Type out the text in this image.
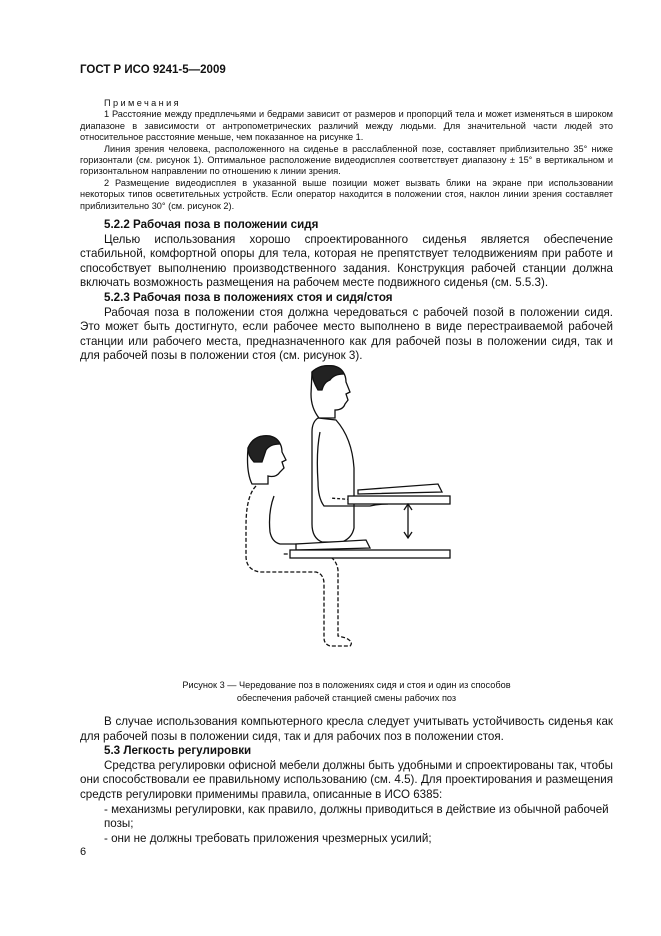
ГОСТ Р ИСО 9241-5—2009

Примечания

1 Расстояние между предплечьями и бедрами зависит от размеров и пропорций тела и может изменяться в широком диапазоне в зависимости от антропометрических различий между людьми. Для значительной части людей это относительное расстояние меньше, чем показанное на рисунке 1.

Линия зрения человека, расположенного на сиденье в расслабленной позе, составляет приблизительно 35° ниже горизонтали (см. рисунок 1). Оптимальное расположение видеодисплея соответствует диапазону ± 15° в вертикальном и горизонтальном направлении по отношению к линии зрения.

2 Размещение видеодисплея в указанной выше позиции может вызвать блики на экране при использовании некоторых типов осветительных устройств. Если оператор находится в положении стоя, наклон линии зрения составляет приблизительно 30° (см. рисунок 2).

5.2.2 Рабочая поза в положении сидя

Целью использования хорошо спроектированного сиденья является обеспечение стабильной, комфортной опоры для тела, которая не препятствует телодвижениям при работе и способствует выполнению производственного задания. Конструкция рабочей станции должна включать возможность размещения на рабочем месте подвижного сиденья (см. 5.5.3).

5.2.3 Рабочая поза в положениях стоя и сидя/стоя

Рабочая поза в положении стоя должна чередоваться с рабочей позой в положении сидя. Это может быть достигнуто, если рабочее место выполнено в виде перестраиваемой рабочей станции или рабочего места, предназначенного как для рабочей позы в положении сидя, так и для рабочей позы в положении стоя (см. рисунок 3).

Рисунок 3 — Чередование поз в положениях сидя и стоя и один из способов
обеспечения рабочей станцией смены рабочих поз

В случае использования компьютерного кресла следует учитывать устойчивость сиденья как для рабочей позы в положении сидя, так и для рабочих поз в положении стоя.

5.3 Легкость регулировки

Средства регулировки офисной мебели должны быть удобными и спроектированы так, чтобы они способствовали ее правильному использованию (см. 4.5). Для проектирования и размещения средств регулировки применимы правила, описанные в ИСО 6385:

- механизмы регулировки, как правило, должны приводиться в действие из обычной рабочей позы;

- они не должны требовать приложения чрезмерных усилий;

6
